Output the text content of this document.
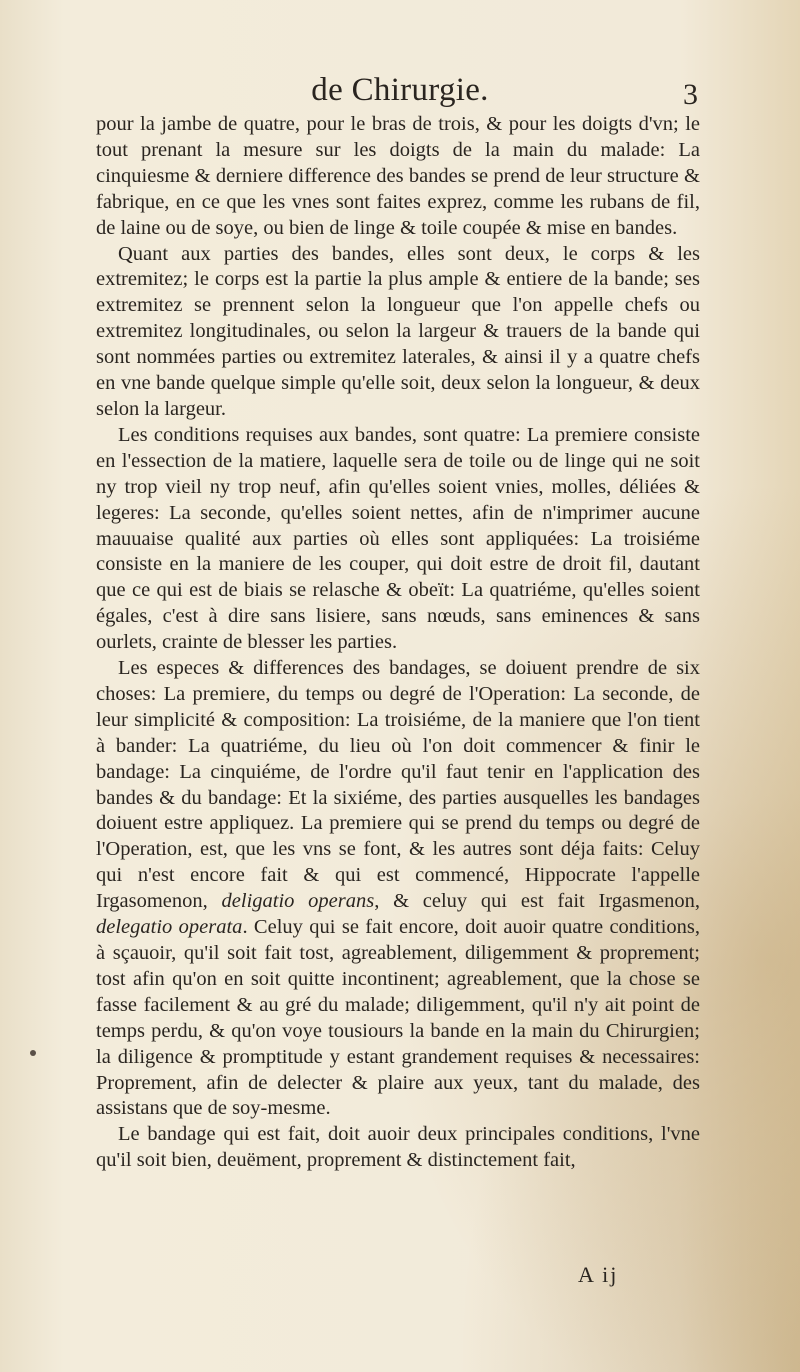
de Chirurgie.	3

pour la jambe de quatre, pour le bras de trois, & pour les doigts d'vn; le tout prenant la mesure sur les doigts de la main du malade: La cinquiesme & derniere difference des bandes se prend de leur structure & fabrique, en ce que les vnes sont faites exprez, comme les rubans de fil, de laine ou de soye, ou bien de linge & toile coupée & mise en bandes.

Quant aux parties des bandes, elles sont deux, le corps & les extremitez; le corps est la partie la plus ample & entiere de la bande; ses extremitez se prennent selon la longueur que l'on appelle chefs ou extremitez longitudinales, ou selon la largeur & trauers de la bande qui sont nommées parties ou extremitez laterales, & ainsi il y a quatre chefs en vne bande quelque simple qu'elle soit, deux selon la longueur, & deux selon la largeur.

Les conditions requises aux bandes, sont quatre: La premiere consiste en l'essection de la matiere, laquelle sera de toile ou de linge qui ne soit ny trop vieil ny trop neuf, afin qu'elles soient vnies, molles, déliées & legeres: La seconde, qu'elles soient nettes, afin de n'imprimer aucune mauuaise qualité aux parties où elles sont appliquées: La troisiéme consiste en la maniere de les couper, qui doit estre de droit fil, dautant que ce qui est de biais se relasche & obeït: La quatriéme, qu'elles soient égales, c'est à dire sans lisiere, sans nœuds, sans eminences & sans ourlets, crainte de blesser les parties.

Les especes & differences des bandages, se doiuent prendre de six choses: La premiere, du temps ou degré de l'Operation: La seconde, de leur simplicité & composition: La troisiéme, de la maniere que l'on tient à bander: La quatriéme, du lieu où l'on doit commencer & finir le bandage: La cinquiéme, de l'ordre qu'il faut tenir en l'application des bandes & du bandage: Et la sixiéme, des parties ausquelles les bandages doiuent estre appliquez. La premiere qui se prend du temps ou degré de l'Operation, est, que les vns se font, & les autres sont déja faits: Celuy qui n'est encore fait & qui est commencé, Hippocrate l'appelle Irgasomenon, deligatio operans, & celuy qui est fait Irgasmenon, delegatio operata. Celuy qui se fait encore, doit auoir quatre conditions, à sçauoir, qu'il soit fait tost, agreablement, diligemment & proprement; tost afin qu'on en soit quitte incontinent; agreablement, que la chose se fasse facilement & au gré du malade; diligemment, qu'il n'y ait point de temps perdu, & qu'on voye tousiours la bande en la main du Chirurgien; la diligence & promptitude y estant grandement requises & necessaires: Proprement, afin de delecter & plaire aux yeux, tant du malade, des assistans que de soy-mesme.

Le bandage qui est fait, doit auoir deux principales conditions, l'vne qu'il soit bien, deuëment, proprement & distinctement fait,

A ij
